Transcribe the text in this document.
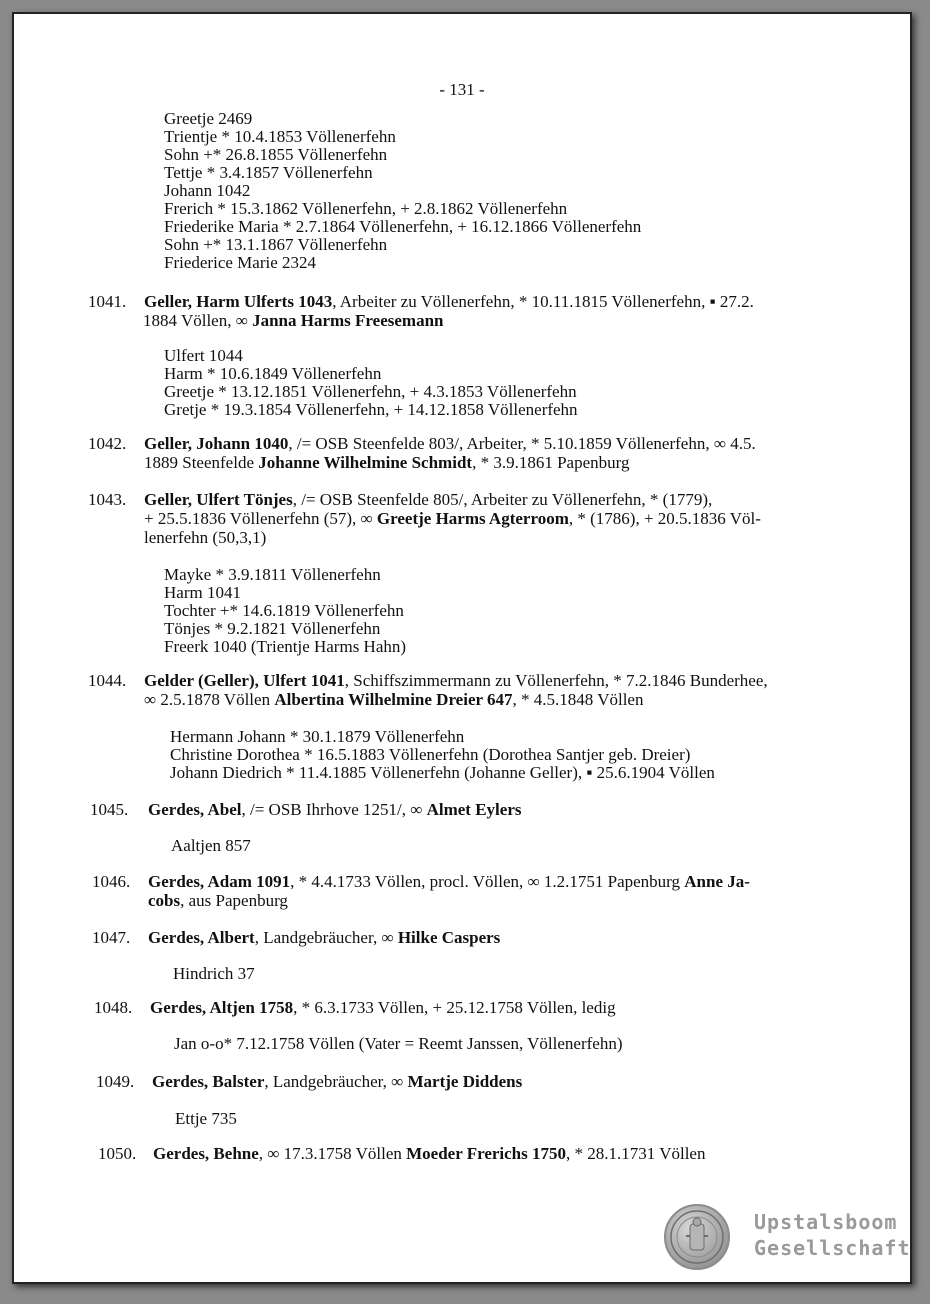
- 131 -
Greetje 2469
Trientje * 10.4.1853 Völlenerfehn
Sohn +* 26.8.1855 Völlenerfehn
Tettje * 3.4.1857 Völlenerfehn
Johann 1042
Frerich * 15.3.1862 Völlenerfehn, + 2.8.1862 Völlenerfehn
Friederike Maria * 2.7.1864 Völlenerfehn, + 16.12.1866 Völlenerfehn
Sohn +* 13.1.1867 Völlenerfehn
Friederice Marie 2324
1041. Geller, Harm Ulferts 1043, Arbeiter zu Völlenerfehn, * 10.11.1815 Völlenerfehn, ▪ 27.2.
1884 Völlen, ∞ Janna Harms Freesemann
Ulfert 1044
Harm * 10.6.1849 Völlenerfehn
Greetje * 13.12.1851 Völlenerfehn, + 4.3.1853 Völlenerfehn
Gretje * 19.3.1854 Völlenerfehn, + 14.12.1858 Völlenerfehn
1042. Geller, Johann 1040, /= OSB Steenfelde 803/, Arbeiter, * 5.10.1859 Völlenerfehn, ∞ 4.5.
1889 Steenfelde Johanne Wilhelmine Schmidt, * 3.9.1861 Papenburg
1043. Geller, Ulfert Tönjes, /= OSB Steenfelde 805/, Arbeiter zu Völlenerfehn, * (1779),
+ 25.5.1836 Völlenerfehn (57), ∞ Greetje Harms Agterroom, * (1786), + 20.5.1836 Völ-
lenerfehn (50,3,1)
Mayke * 3.9.1811 Völlenerfehn
Harm 1041
Tochter +* 14.6.1819 Völlenerfehn
Tönjes * 9.2.1821 Völlenerfehn
Freerk 1040 (Trientje Harms Hahn)
1044. Gelder (Geller), Ulfert 1041, Schiffszimmermann zu Völlenerfehn, * 7.2.1846 Bunderhee,
∞ 2.5.1878 Völlen Albertina Wilhelmine Dreier 647, * 4.5.1848 Völlen
Hermann Johann * 30.1.1879 Völlenerfehn
Christine Dorothea * 16.5.1883 Völlenerfehn (Dorothea Santjer geb. Dreier)
Johann Diedrich * 11.4.1885 Völlenerfehn (Johanne Geller), ▪ 25.6.1904 Völlen
1045. Gerdes, Abel, /= OSB Ihrhove 1251/, ∞ Almet Eylers
Aaltjen 857
1046. Gerdes, Adam 1091, * 4.4.1733 Völlen, procl. Völlen, ∞ 1.2.1751 Papenburg Anne Ja-
cobs, aus Papenburg
1047. Gerdes, Albert, Landgebräucher, ∞ Hilke Caspers
Hindrich 37
1048. Gerdes, Altjen 1758, * 6.3.1733 Völlen, + 25.12.1758 Völlen, ledig
Jan o-o* 7.12.1758 Völlen (Vater = Reemt Janssen, Völlenerfehn)
1049. Gerdes, Balster, Landgebräucher, ∞ Martje Diddens
Ettje 735
1050. Gerdes, Behne, ∞ 17.3.1758 Völlen Moeder Frerichs 1750, * 28.1.1731 Völlen
Upstalsboom
Gesellschaft
